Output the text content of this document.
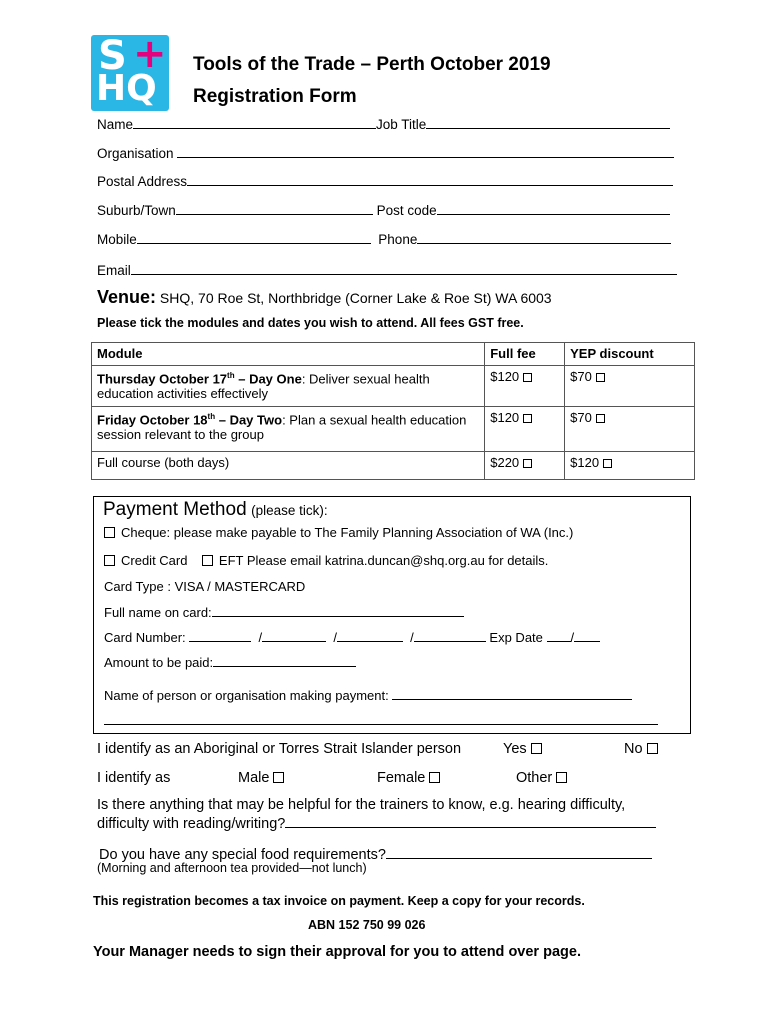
S +
HQ
Tools of the Trade – Perth October 2019
Registration Form
Name	Job Title
Organisation
Postal Address
Suburb/Town	Post code
Mobile	Phone
Email
Venue: SHQ, 70 Roe St, Northbridge (Corner Lake & Roe St) WA 6003
Please tick the modules and dates you wish to attend. All fees GST free.
Module	Full fee	YEP discount
Thursday October 17th – Day One: Deliver sexual health education activities effectively	$120	$70
Friday October 18th – Day Two: Plan a sexual health education session relevant to the group	$120	$70
Full course (both days)	$220	$120
Payment Method (please tick):
Cheque: please make payable to The Family Planning Association of WA (Inc.)
Credit Card EFT Please email katrina.duncan@shq.org.au for details.
Card Type : VISA / MASTERCARD
Full name on card:
Card Number:	/	/	/	Exp Date /
Amount to be paid:
Name of person or organisation making payment:
I identify as an Aboriginal or Torres Strait Islander person	Yes	No
I identify as	Male	Female	Other
Is there anything that may be helpful for the trainers to know, e.g. hearing difficulty,
difficulty with reading/writing?
Do you have any special food requirements?
(Morning and afternoon tea provided—not lunch)
This registration becomes a tax invoice on payment. Keep a copy for your records.
ABN 152 750 99 026
Your Manager needs to sign their approval for you to attend over page.
